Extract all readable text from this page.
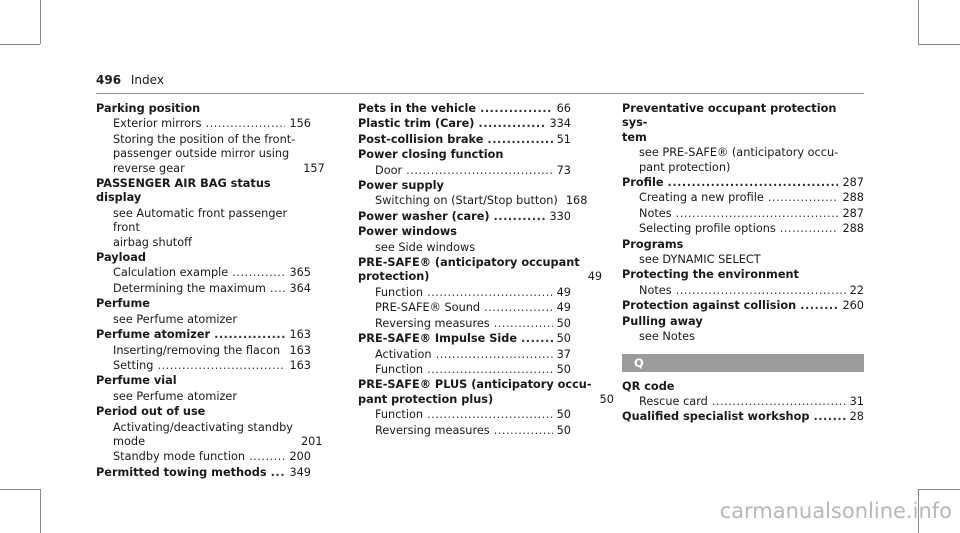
496 Index
Parking position
Exterior mirrors .....	156
Storing the position of the front-
passenger outside mirror using
reverse gear	157
PASSENGER AIR BAG status display
see Automatic front passenger front
airbag shutoff
Payload
Calculation example .....	365
Determining the maximum ..... 364
Perfume
see Perfume atomizer
Perfume atomizer .....	163
Inserting/removing the flacon ..... 163
Setting .....	163
Perfume vial
see Perfume atomizer
Period out of use
Activating/deactivating standby
mode	201
Standby mode function .....	200
Permitted towing methods ..... 349
Pets in the vehicle .....	66
Plastic trim (Care) .....	334
Post-collision brake .....	51
Power closing function
Door .....	73
Power supply
Switching on (Start/Stop button) 168
Power washer (care) .....	330
Power windows
see Side windows
PRE-SAFE® (anticipatory occupant
protection)	49
Function .....	49
PRE-SAFE® Sound .....	49
Reversing measures .....	50
PRE-SAFE® Impulse Side .....	50
Activation .....	37
Function .....	50
PRE-SAFE® PLUS (anticipatory occu-
pant protection plus)	50
Function .....	50
Reversing measures .....	50
Preventative occupant protection sys-
tem
see PRE-SAFE® (anticipatory occu-
pant protection)
Profile .....	287
Creating a new profile .....	288
Notes .....	287
Selecting profile options .....	288
Programs
see DYNAMIC SELECT
Protecting the environment
Notes .....	22
Protection against collision .....	260
Pulling away
see Notes
Q
QR code
Rescue card .....	31
Qualified specialist workshop .....	28
carmanualsonline.info
